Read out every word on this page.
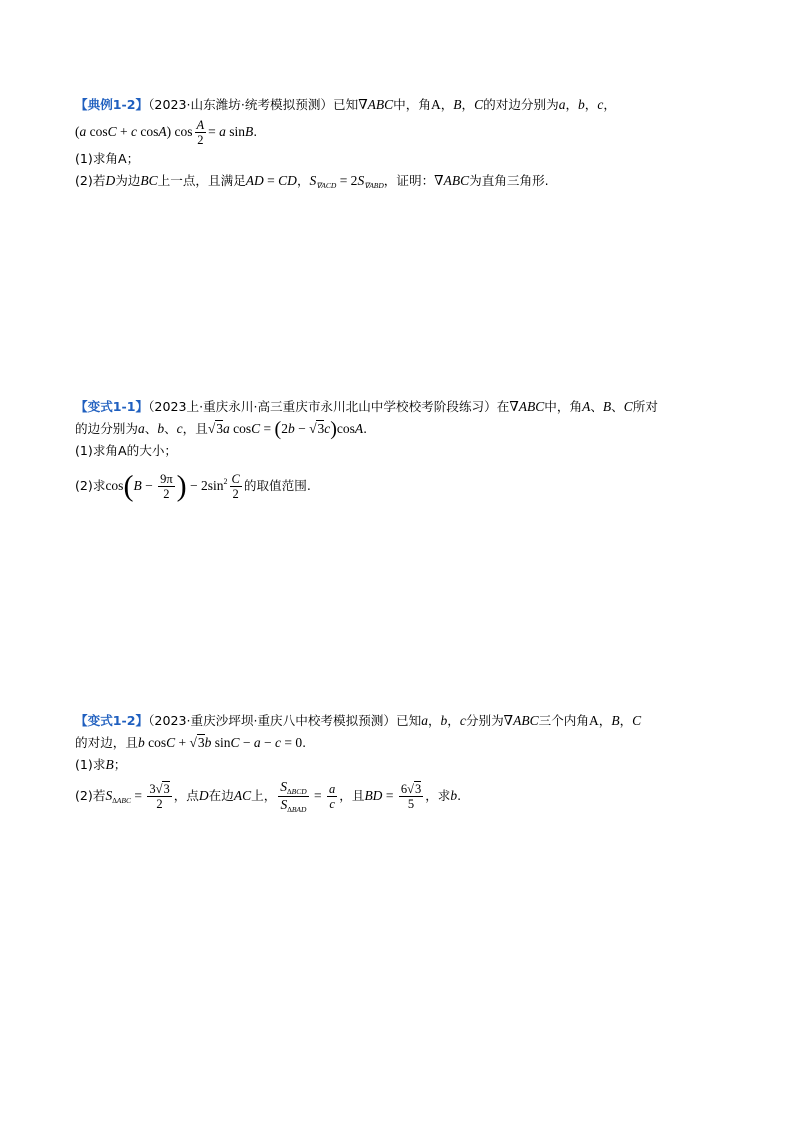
【典例1-2】（2023·山东潍坊·统考模拟预测）已知∇ABC中，角A，B，C的对边分别为a，b，c，
(a cosC + c cosA) $\cos \frac{A}{2} = a$ sinB.
(1)求角A；
(2)若D为边BC上一点，且满足AD = CD，$S_{\nabla ACD} = 2S_{\nabla ABD}$，证明：∇ABC为直角三角形.
【变式1-1】（2023上·重庆永川·高三重庆市永川北山中学校校考阶段练习）在∇ABC中，角A、B、C所对
的边分别为a、b、c，且√3a cosC = (2b − √3c)cosA.
(1)求角A的大小；
(2)求$\cos(B - \frac{9\pi}{2}$ ) − $2\sin^2 \frac{C}{2}$ 的取值范围.
【变式1-2】（2023·重庆沙坪坝·重庆八中校考模拟预测）已知a，b，c分别为∇ABC三个内角A，B，C
的对边，且b cosC + √3b sinC − a − c = 0.
(1)求B；
(2)若$S_{\Delta ABC} = \frac{3√3}{2}$ ，点D在边AC上， $\frac{S_{\Delta BCD}}{S_{\Delta BAD}} = \frac{a}{c}$ ，且BD = $\frac{6√3}{5}$ ，求b.
